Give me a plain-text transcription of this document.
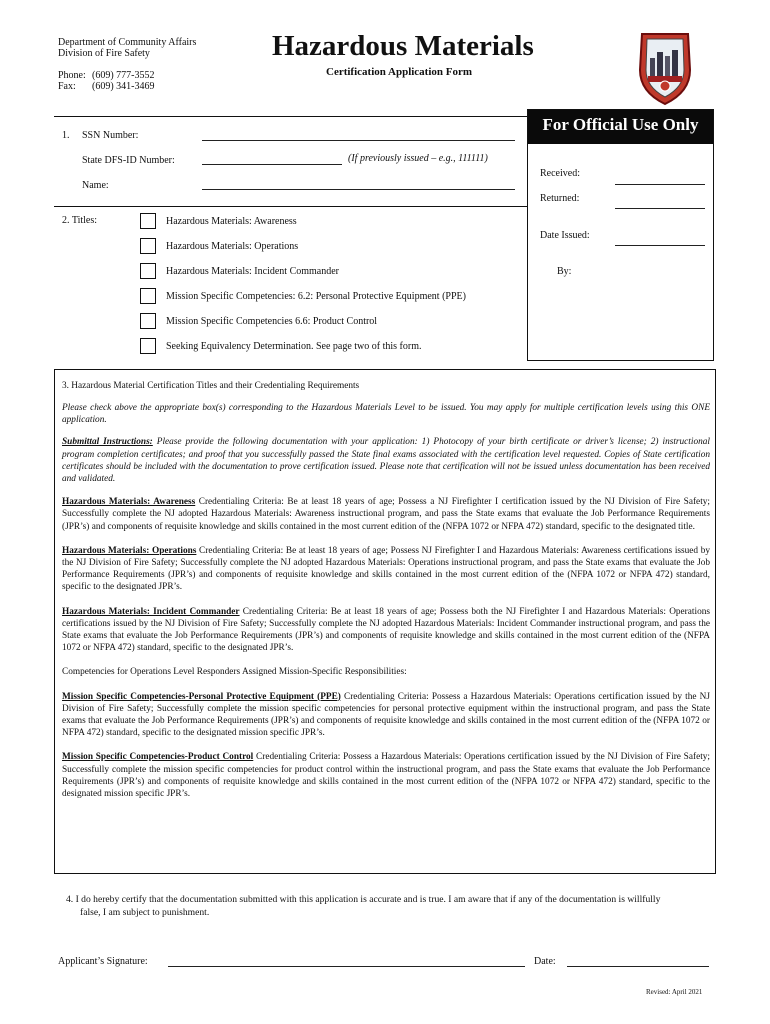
Department of Community Affairs
Division of Fire Safety
Phone: (609) 777-3552
Fax: (609) 341-3469
Hazardous Materials
Certification Application Form
For Official Use Only
Received:
Returned:
Date Issued:
By:
1. SSN Number:
State DFS-ID Number:	(If previously issued – e.g., 111111)
Name:
2. Titles:	Hazardous Materials: Awareness
Hazardous Materials: Operations
Hazardous Materials: Incident Commander
Mission Specific Competencies: 6.2: Personal Protective Equipment (PPE)
Mission Specific Competencies 6.6: Product Control
Seeking Equivalency Determination. See page two of this form.
3. Hazardous Material Certification Titles and their Credentialing Requirements

Please check above the appropriate box(s) corresponding to the Hazardous Materials Level to be issued. You may apply for multiple certification levels using this ONE application.

Submittal Instructions: Please provide the following documentation with your application: 1) Photocopy of your birth certificate or driver’s license; 2) instructional program completion certificates; and proof that you successfully passed the State final exams associated with the certification level requested. Copies of State certification certificates should be included with the documentation to prove certification issued. Please note that certification will not be issued unless documentation has been received and validated.

Hazardous Materials: Awareness Credentialing Criteria: Be at least 18 years of age; Possess a NJ Firefighter I certification issued by the NJ Division of Fire Safety; Successfully complete the NJ adopted Hazardous Materials: Awareness instructional program, and pass the State exams that evaluate the Job Performance Requirements (JPR’s) and components of requisite knowledge and skills contained in the most current edition of the (NFPA 1072 or NFPA 472) standard, specific to the designated title.

Hazardous Materials: Operations Credentialing Criteria: Be at least 18 years of age; Possess NJ Firefighter I and Hazardous Materials: Awareness certifications issued by the NJ Division of Fire Safety; Successfully complete the NJ adopted Hazardous Materials: Operations instructional program, and pass the State exams that evaluate the Job Performance Requirements (JPR’s) and components of requisite knowledge and skills contained in the most current edition of the (NFPA 1072 or NFPA 472) standard, specific to the designated JPR’s.

Hazardous Materials: Incident Commander Credentialing Criteria: Be at least 18 years of age; Possess both the NJ Firefighter I and Hazardous Materials: Operations certifications issued by the NJ Division of Fire Safety; Successfully complete the NJ adopted Hazardous Materials: Incident Commander instructional program, and pass the State exams that evaluate the Job Performance Requirements (JPR’s) and components of requisite knowledge and skills contained in the most current edition of the (NFPA 1072 or NFPA 472) standard, specific to the designated JPR’s.

Competencies for Operations Level Responders Assigned Mission-Specific Responsibilities:

Mission Specific Competencies-Personal Protective Equipment (PPE) Credentialing Criteria: Possess a Hazardous Materials: Operations certification issued by the NJ Division of Fire Safety; Successfully complete the mission specific competencies for personal protective equipment within the instructional program, and pass the State exams that evaluate the Job Performance Requirements (JPR’s) and components of requisite knowledge and skills contained in the most current edition of the (NFPA 1072 or NFPA 472) standard, specific to the designated mission specific JPR’s.

Mission Specific Competencies-Product Control Credentialing Criteria: Possess a Hazardous Materials: Operations certification issued by the NJ Division of Fire Safety; Successfully complete the mission specific competencies for product control within the instructional program, and pass the State exams that evaluate the Job Performance Requirements (JPR’s) and components of requisite knowledge and skills contained in the most current edition of the (NFPA 1072 or NFPA 472) standard, specific to the designated mission specific JPR’s.

4. I do hereby certify that the documentation submitted with this application is accurate and is true. I am aware that if any of the documentation is willfully false, I am subject to punishment.
Applicant’s Signature:	Date:
Revised: April 2021
